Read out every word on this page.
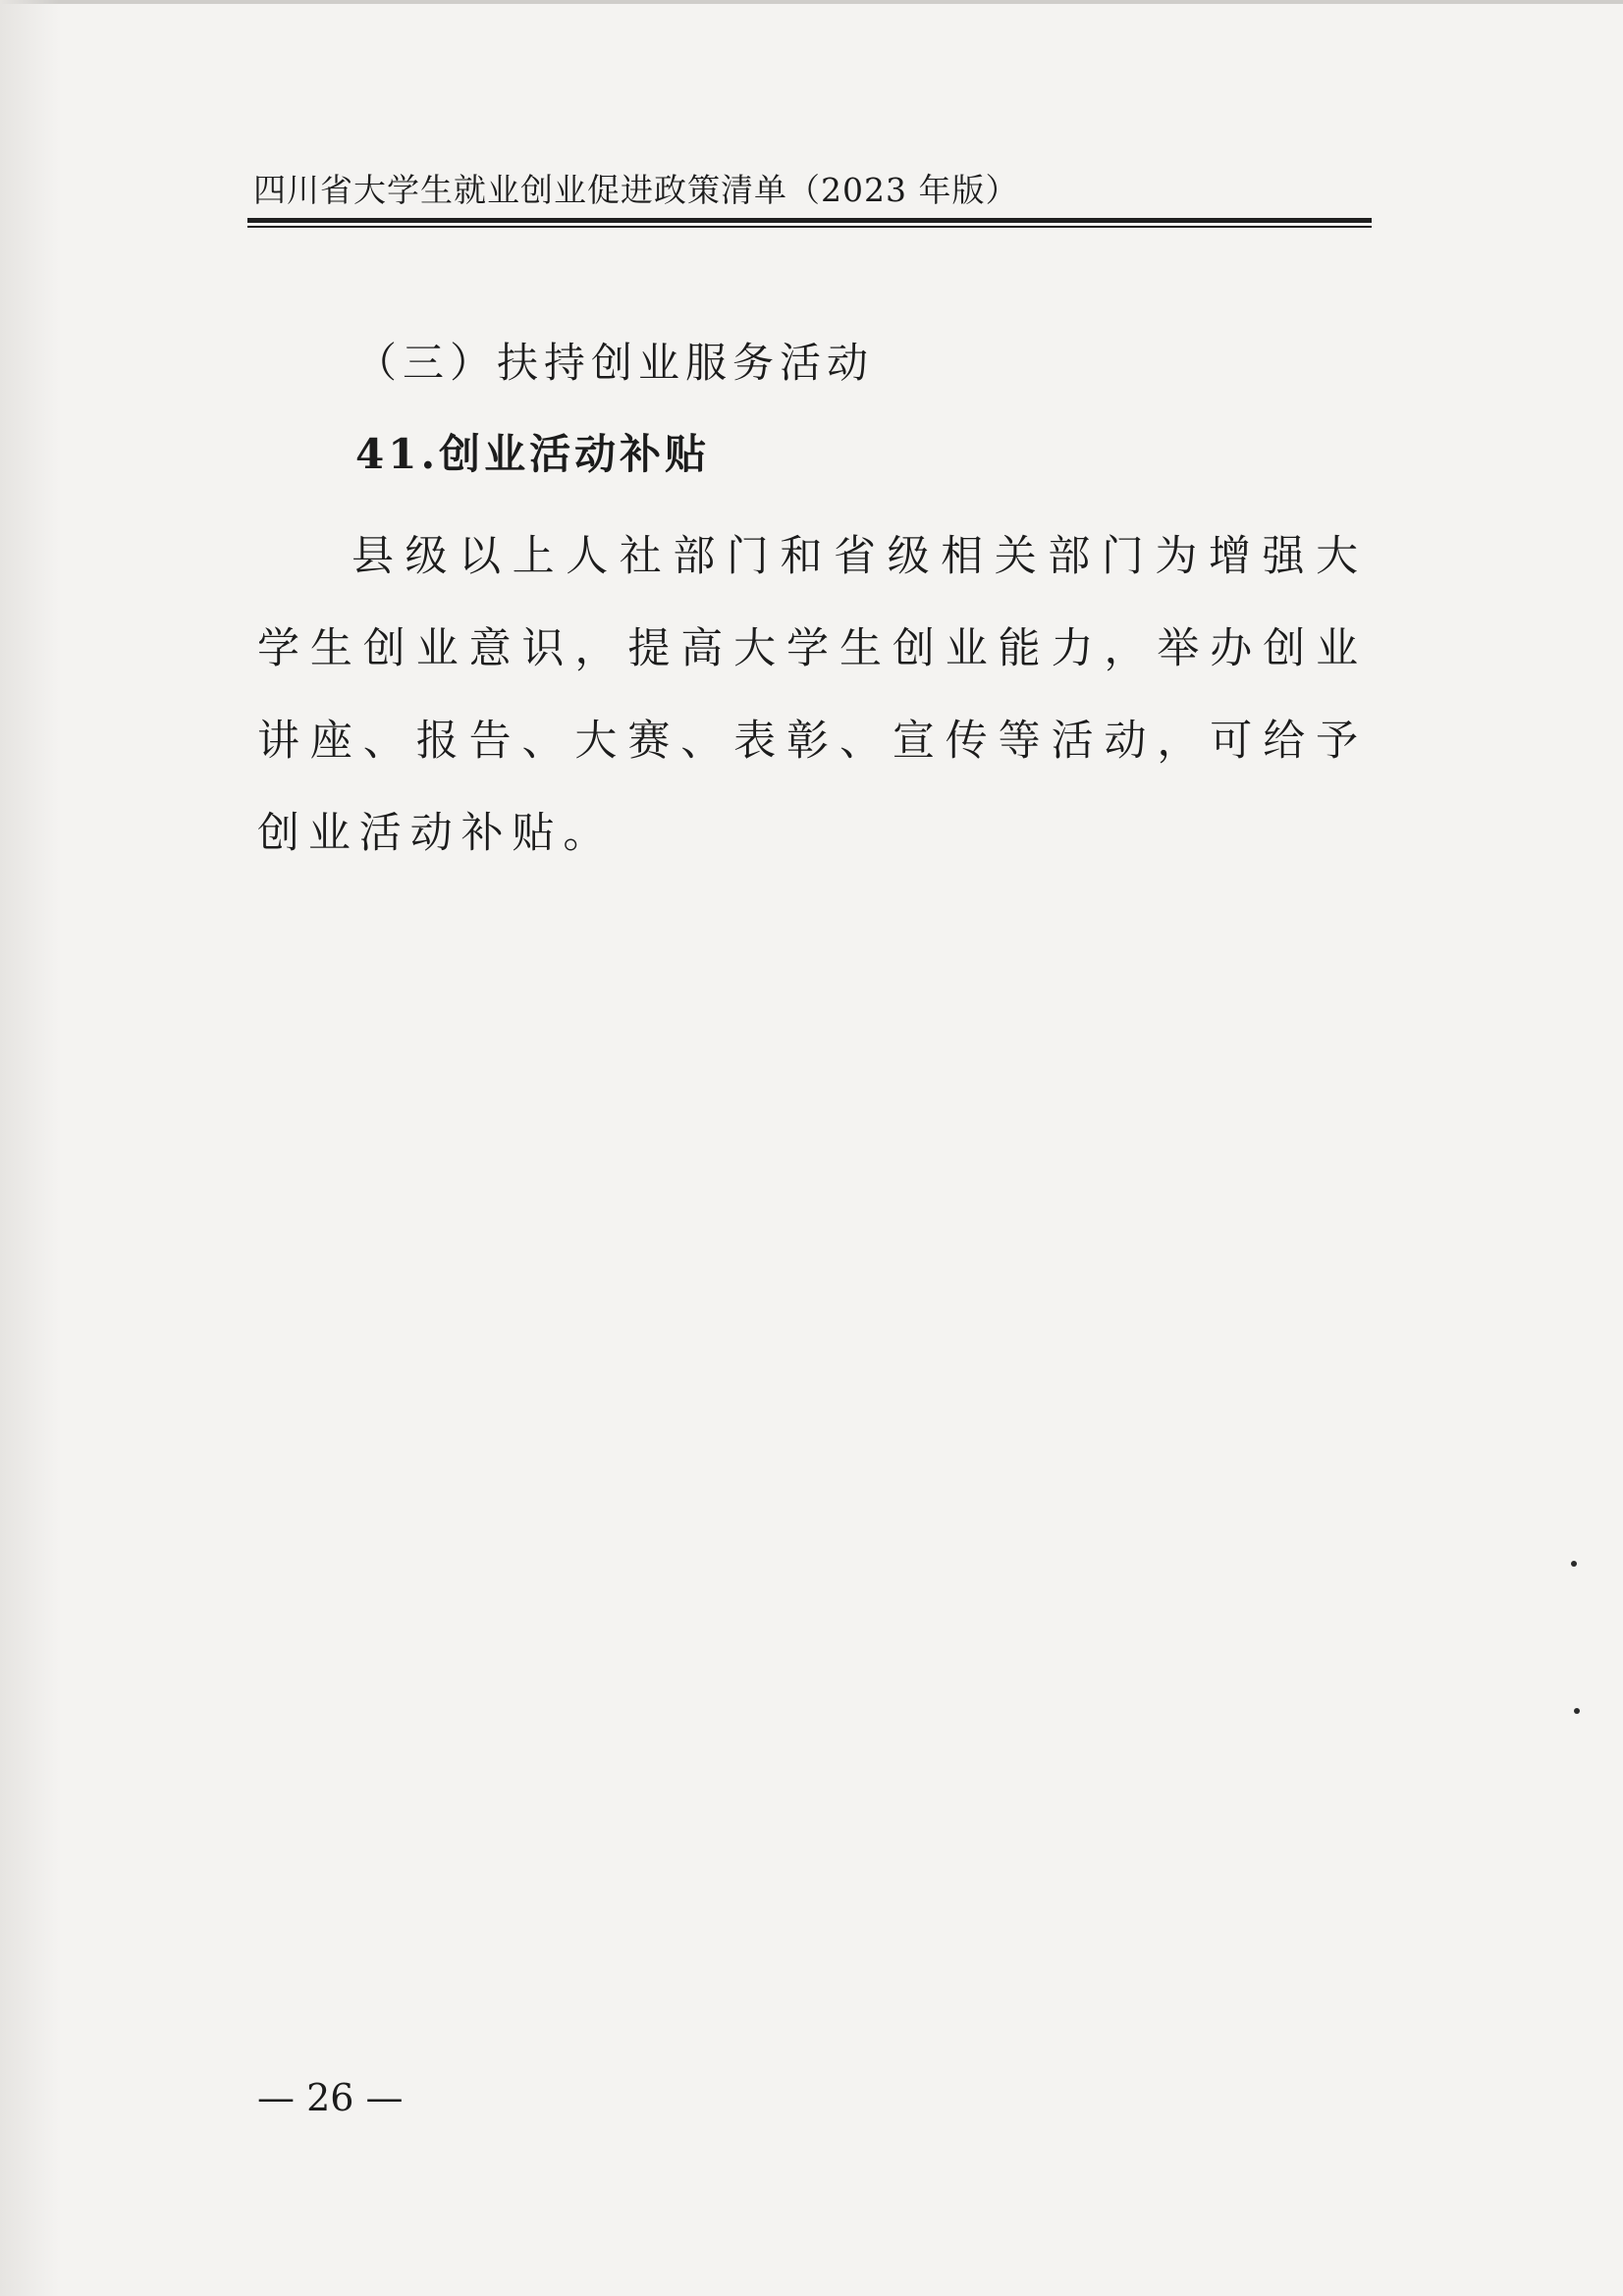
四川省大学生就业创业促进政策清单（2023 年版）
（三）扶持创业服务活动
41.创业活动补贴

县级以上人社部门和省级相关部门为增强大学生创业意识，提高大学生创业能力，举办创业讲座、报告、大赛、表彰、宣传等活动，可给予创业活动补贴。

— 26 —
